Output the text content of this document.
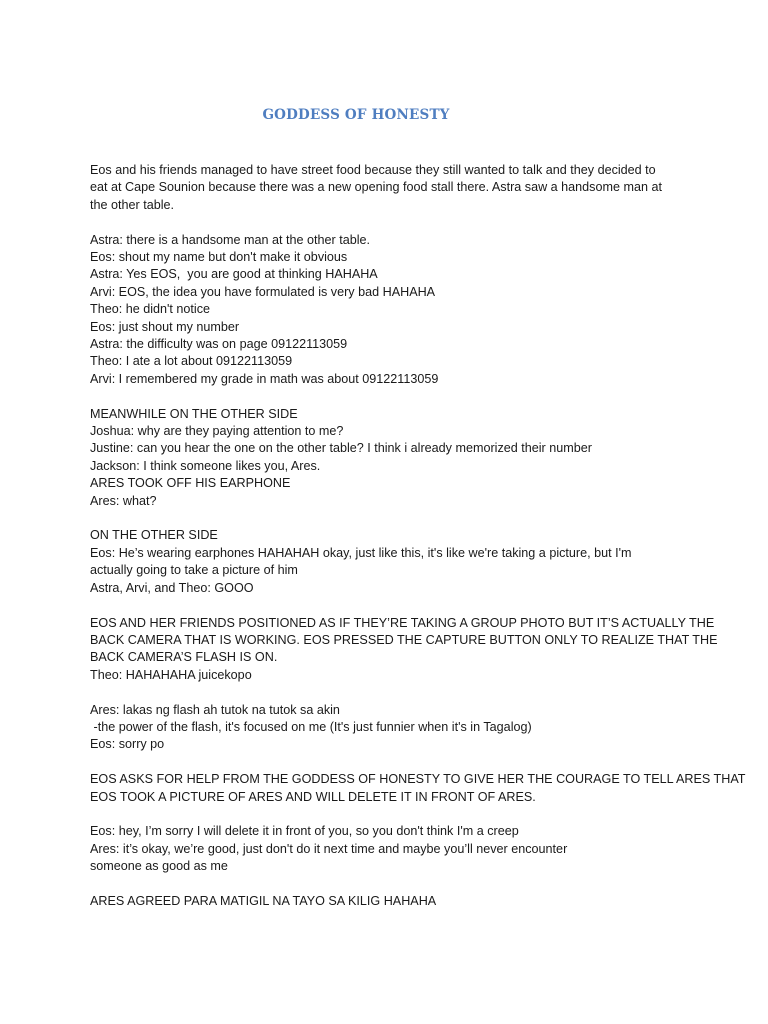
GODDESS OF HONESTY
Eos and his friends managed to have street food because they still wanted to talk and they decided to
eat at Cape Sounion because there was a new opening food stall there. Astra saw a handsome man at
the other table.
Astra: there is a handsome man at the other table.
Eos: shout my name but don't make it obvious
Astra: Yes EOS,  you are good at thinking HAHAHA
Arvi: EOS, the idea you have formulated is very bad HAHAHA
Theo: he didn't notice
Eos: just shout my number
Astra: the difficulty was on page 09122113059
Theo: I ate a lot about 09122113059
Arvi: I remembered my grade in math was about 09122113059
MEANWHILE ON THE OTHER SIDE
Joshua: why are they paying attention to me?
Justine: can you hear the one on the other table? I think i already memorized their number
Jackson: I think someone likes you, Ares.
ARES TOOK OFF HIS EARPHONE
Ares: what?
ON THE OTHER SIDE
Eos: He’s wearing earphones HAHAHAH okay, just like this, it's like we're taking a picture, but I'm
actually going to take a picture of him
Astra, Arvi, and Theo: GOOO
EOS AND HER FRIENDS POSITIONED AS IF THEY’RE TAKING A GROUP PHOTO BUT IT’S ACTUALLY THE
BACK CAMERA THAT IS WORKING. EOS PRESSED THE CAPTURE BUTTON ONLY TO REALIZE THAT THE
BACK CAMERA’S FLASH IS ON.
Theo: HAHAHAHA juicekopo
Ares: lakas ng flash ah tutok na tutok sa akin
-the power of the flash, it's focused on me (It's just funnier when it's in Tagalog)
Eos: sorry po
EOS ASKS FOR HELP FROM THE GODDESS OF HONESTY TO GIVE HER THE COURAGE TO TELL ARES THAT
EOS TOOK A PICTURE OF ARES AND WILL DELETE IT IN FRONT OF ARES.
Eos: hey, I’m sorry I will delete it in front of you, so you don't think I'm a creep
Ares: it’s okay, we’re good, just don't do it next time and maybe you’ll never encounter
someone as good as me
ARES AGREED PARA MATIGIL NA TAYO SA KILIG HAHAHA
